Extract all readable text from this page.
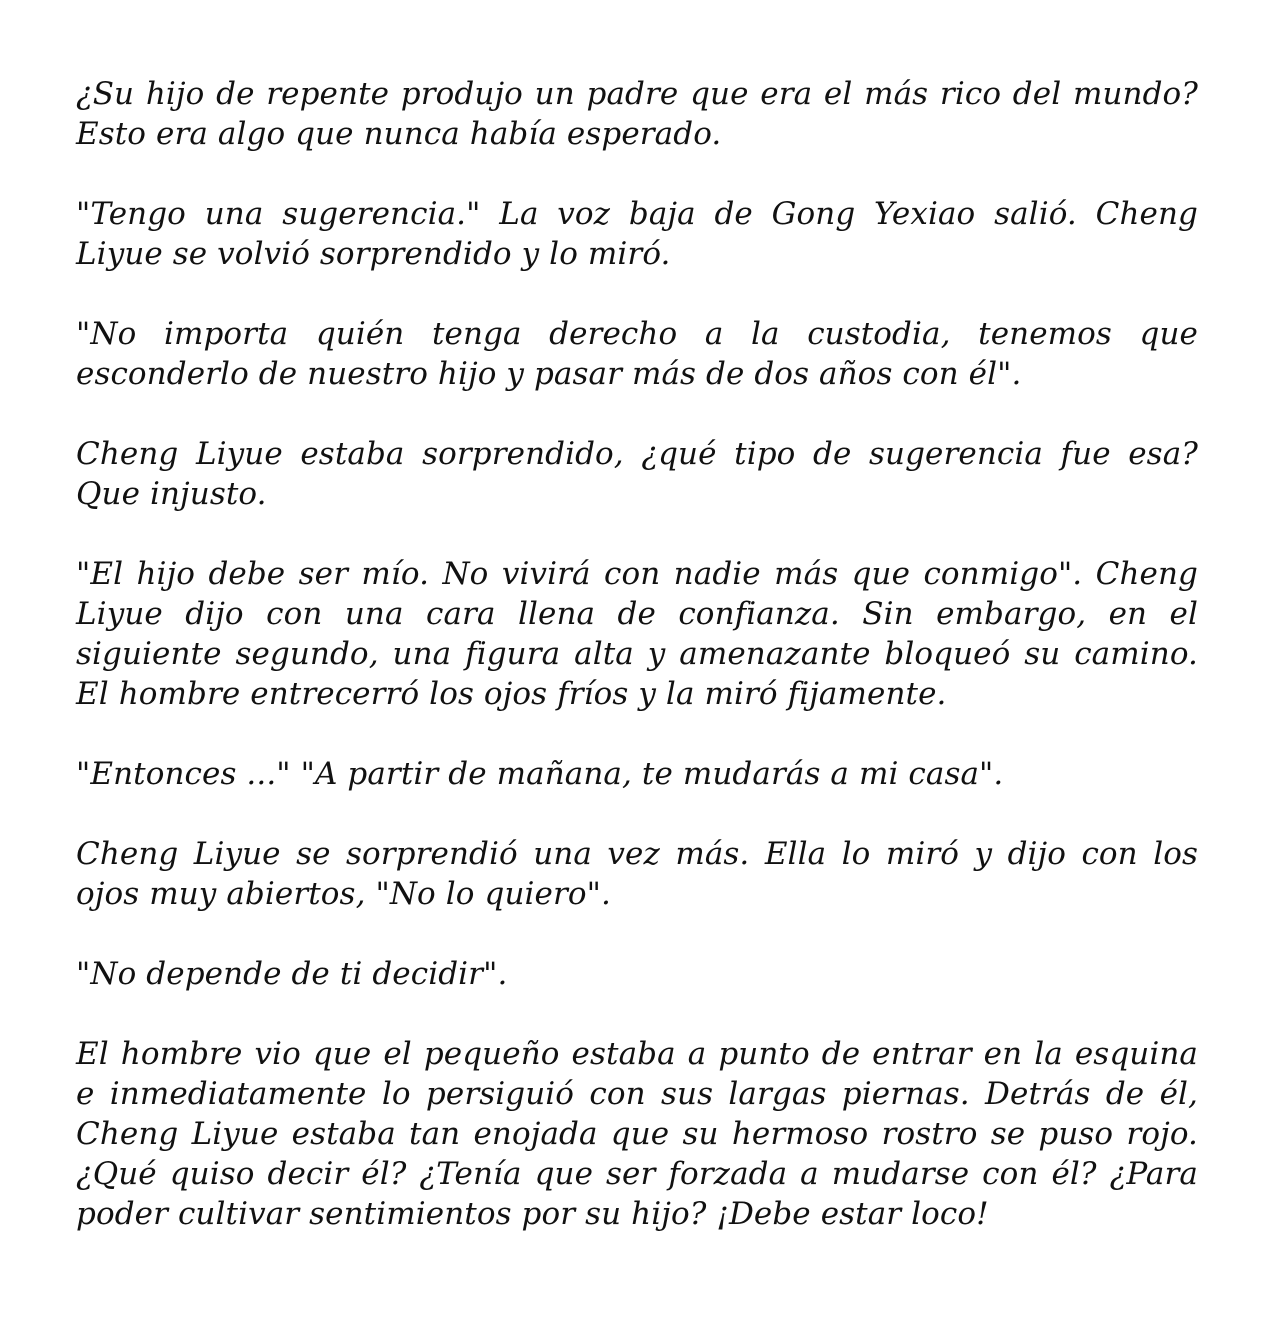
¿Su hijo de repente produjo un padre que era el más rico del mundo? Esto era algo que nunca había esperado.

"Tengo una sugerencia." La voz baja de Gong Yexiao salió. Cheng Liyue se volvió sorprendido y lo miró.

"No importa quién tenga derecho a la custodia, tenemos que esconderlo de nuestro hijo y pasar más de dos años con él".

Cheng Liyue estaba sorprendido, ¿qué tipo de sugerencia fue esa? Que injusto.

"El hijo debe ser mío. No vivirá con nadie más que conmigo". Cheng Liyue dijo con una cara llena de confianza. Sin embargo, en el siguiente segundo, una figura alta y amenazante bloqueó su camino. El hombre entrecerró los ojos fríos y la miró fijamente.

"Entonces ..." "A partir de mañana, te mudarás a mi casa".

Cheng Liyue se sorprendió una vez más. Ella lo miró y dijo con los ojos muy abiertos, "No lo quiero".

"No depende de ti decidir".

El hombre vio que el pequeño estaba a punto de entrar en la esquina e inmediatamente lo persiguió con sus largas piernas. Detrás de él, Cheng Liyue estaba tan enojada que su hermoso rostro se puso rojo. ¿Qué quiso decir él? ¿Tenía que ser forzada a mudarse con él? ¿Para poder cultivar sentimientos por su hijo? ¡Debe estar loco!
